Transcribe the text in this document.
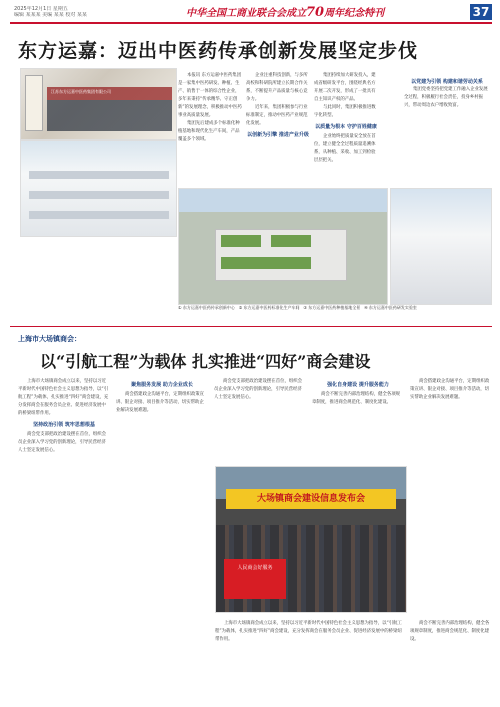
2025年12月1日 星期五
编辑 某某某 美编 某某 校对 某某	中华全国工商业联合会成立70周年纪念特刊	37
东方运嘉：迈出中医药传承创新发展坚定步伐
江苏东方运嘉中医药集团有限公司

本报讯 东方运嘉中医药集团是一家集中医药研发、种植、生产、销售于一体的综合性企业，多年来秉持“传承精华、守正创新”的发展理念，积极推动中医药事业高质量发展。

集团先后建成多个标准化种植基地和现代化生产车间，产品覆盖多个领域。

企业注重科技创新，与多所高校和科研院所建立长期合作关系，不断提升产品质量与核心竞争力。

近年来，集团积极参与行业标准制定，推动中医药产业规范化发展。

以创新为引擎 推进产业升级

集团持续加大研发投入，建成省级研发平台，围绕经典名方开展二次开发，形成了一批具有自主知识产权的产品。

与此同时，集团积极推进数字化转型。

以质量为根本 守护百姓健康

企业始终把质量安全放在首位，建立健全全过程质量追溯体系，从种植、采收、加工到检验层层把关。

以党建为引领 构建和谐劳动关系

集团党委坚持把党建工作融入企业发展全过程，积极履行社会责任，投身乡村振兴，带动周边农户增收致富。

① 东方运嘉中医药传承创新中心 ② 东方运嘉中医药标准化生产车间 ③ 东方运嘉中医药种植基地全景 ④ 东方运嘉中医药研发实验室
上海市大场镇商会：
以“引航工程”为载体 扎实推进“四好”商会建设

上海市大场镇商会成立以来，坚持以习近平新时代中国特色社会主义思想为指导，以“引航工程”为载体，扎实推进“四好”商会建设，充分发挥商会在服务会员企业、促进经济发展中的桥梁纽带作用。

坚持政治引领 筑牢思想根基

商会党支部把政治建设摆在首位，组织会员企业深入学习党的创新理论，引导民营经济人士坚定发展信心。

聚焦服务发展 助力企业成长

商会搭建政企沟通平台，定期组织政策宣讲、银企对接、项目推介等活动，切实帮助企业解决发展难题。

商会党支部把政治建设摆在首位，组织会员企业深入学习党的创新理论，引导民营经济人士坚定发展信心。

强化自身建设 提升服务能力

商会不断完善内部治理结构，健全各项规章制度，推进商会规范化、制度化建设。

大场镇商会建设信息发布会
人民商会好服务

商会搭建政企沟通平台，定期组织政策宣讲、银企对接、项目推介等活动，切实帮助企业解决发展难题。

商会不断完善内部治理结构，健全各项规章制度，推进商会规范化、制度化建设。

上海市大场镇商会成立以来，坚持以习近平新时代中国特色社会主义思想为指导，以“引航工程”为载体，扎实推进“四好”商会建设，充分发挥商会在服务会员企业、促进经济发展中的桥梁纽带作用。
